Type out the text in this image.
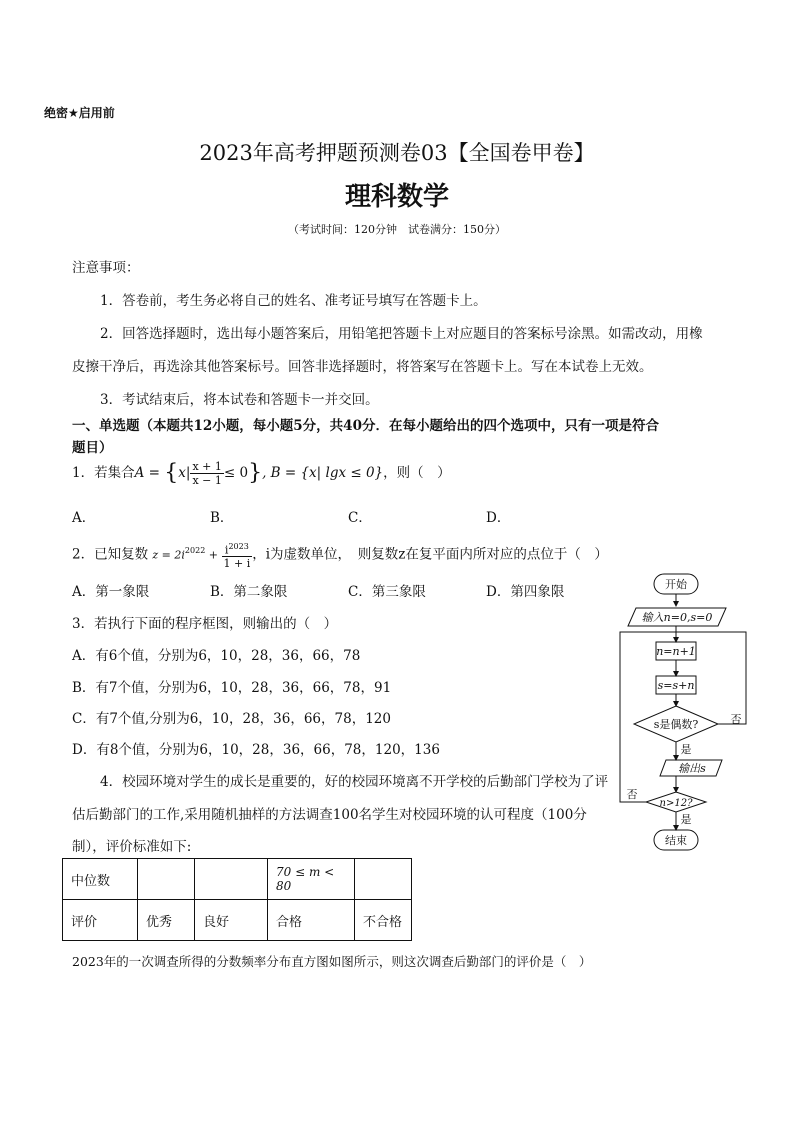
绝密★启用前
2023年高考押题预测卷03【全国卷甲卷】
理科数学
（考试时间：120分钟　试卷满分：150分）
注意事项：
1．答卷前，考生务必将自己的姓名、准考证号填写在答题卡上。
2．回答选择题时，选出每小题答案后，用铅笔把答题卡上对应题目的答案标号涂黑。如需改动，用橡
皮擦干净后，再选涂其他答案标号。回答非选择题时，将答案写在答题卡上。写在本试卷上无效。
3．考试结束后，将本试卷和答题卡一并交回。
一、单选题（本题共12小题，每小题5分，共40分．在每小题给出的四个选项中，只有一项是符合
题目）
1．若集合$A = \{x| \frac{x + 1}{x - 1} \le 0\}$, B = {x| lgx ≤ 0}，则（　）
A．	B．	C．	D．
2．已知复数 $z = 2i^{2022} + \frac{i^{2023}}{1 + i}$ ，i为虚数单位，　则复数z在复平面内所对应的点位于（　）
A．第一象限	B．第二象限	C．第三象限	D．第四象限
3．若执行下面的程序框图，则输出的（　）
A．有6个值，分别为6，10，28，36，66，78
B．有7个值，分别为6，10，28，36，66，78，91
C．有7个值,分别为6，10，28，36，66，78，120
D．有8个值，分别为6，10，28，36，66，78，120，136
开始
输入n=0,s=0
n=n+1
s=s+n
s是偶数?	否
是
输出s
n>12?
否
是
结束
4．校园环境对学生的成长是重要的，好的校园环境离不开学校的后勤部门学校为了评
估后勤部门的工作,采用随机抽样的方法调查100名学生对校园环境的认可程度（100分
制），评价标准如下:
中位数			70 ≤ m < 80	
评价	优秀	良好	合格	不合格
2023年的一次调查所得的分数频率分布直方图如图所示，则这次调查后勤部门的评价是（　）
